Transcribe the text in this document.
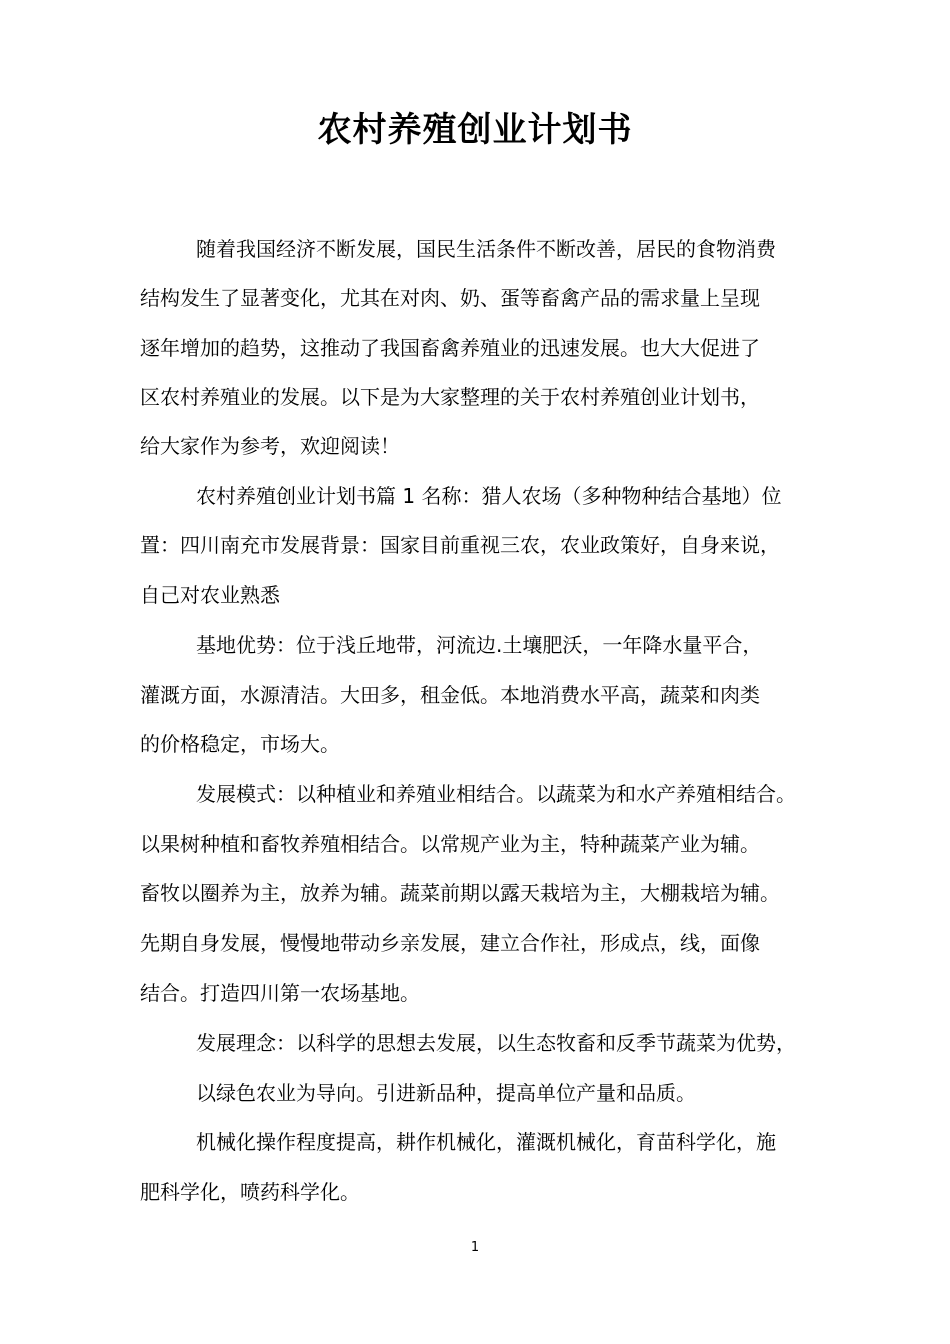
农村养殖创业计划书
随着我国经济不断发展，国民生活条件不断改善，居民的食物消费
结构发生了显著变化，尤其在对肉、奶、蛋等畜禽产品的需求量上呈现
逐年增加的趋势，这推动了我国畜禽养殖业的迅速发展。也大大促进了
区农村养殖业的发展。以下是为大家整理的关于农村养殖创业计划书，
给大家作为参考，欢迎阅读！
农村养殖创业计划书篇 1 名称：猎人农场（多种物种结合基地）位
置：四川南充市发展背景：国家目前重视三农，农业政策好，自身来说，
自己对农业熟悉
基地优势：位于浅丘地带，河流边.土壤肥沃，一年降水量平合，
灌溉方面，水源清洁。大田多，租金低。本地消费水平高，蔬菜和肉类
的价格稳定，市场大。
发展模式：以种植业和养殖业相结合。以蔬菜为和水产养殖相结合。
以果树种植和畜牧养殖相结合。以常规产业为主，特种蔬菜产业为辅。
畜牧以圈养为主，放养为辅。蔬菜前期以露天栽培为主，大棚栽培为辅。
先期自身发展，慢慢地带动乡亲发展，建立合作社，形成点，线，面像
结合。打造四川第一农场基地。
发展理念：以科学的思想去发展，以生态牧畜和反季节蔬菜为优势，
以绿色农业为导向。引进新品种，提高单位产量和品质。
机械化操作程度提高，耕作机械化，灌溉机械化，育苗科学化，施
肥科学化，喷药科学化。
1
